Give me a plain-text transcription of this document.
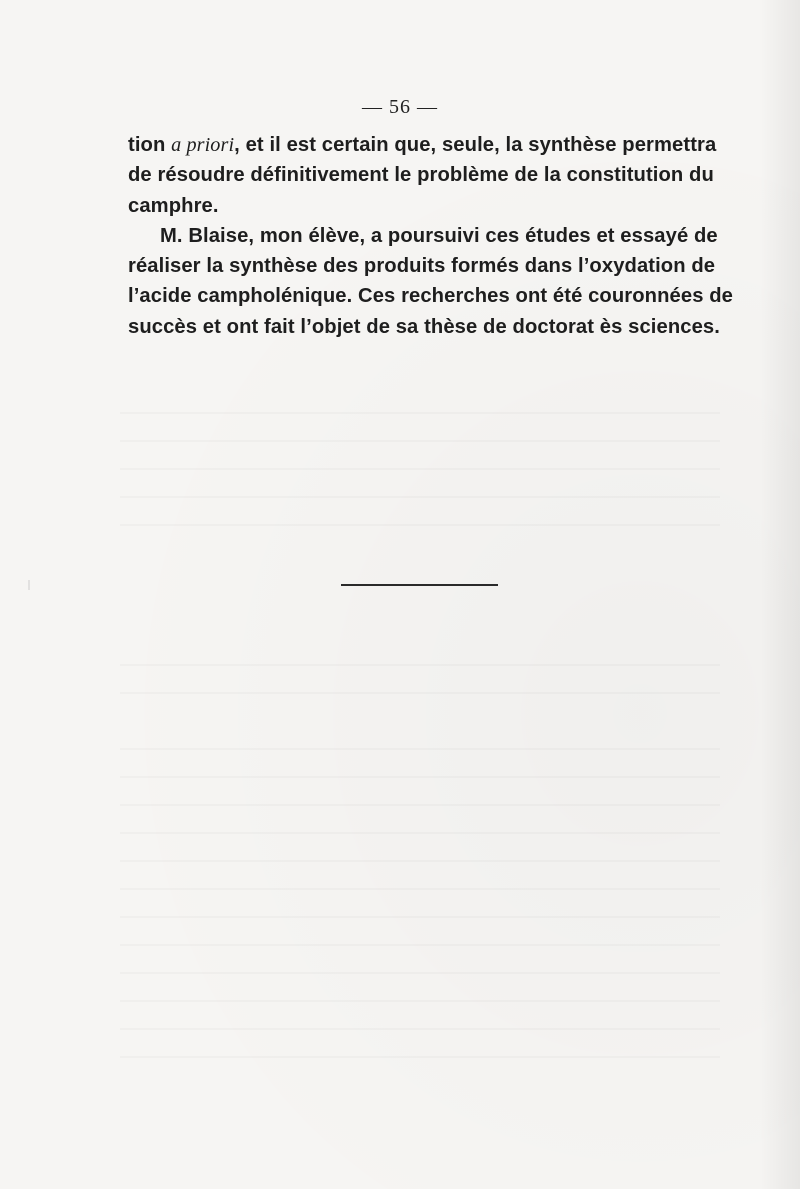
— 56 —
tion a priori, et il est certain que, seule, la synthèse permettra
de résoudre définitivement le problème de la constitution du
camphre.
M. Blaise, mon élève, a poursuivi ces études et essayé de
réaliser la synthèse des produits formés dans l’oxydation de
l’acide campholénique. Ces recherches ont été couronnées de
succès et ont fait l’objet de sa thèse de doctorat ès sciences.
